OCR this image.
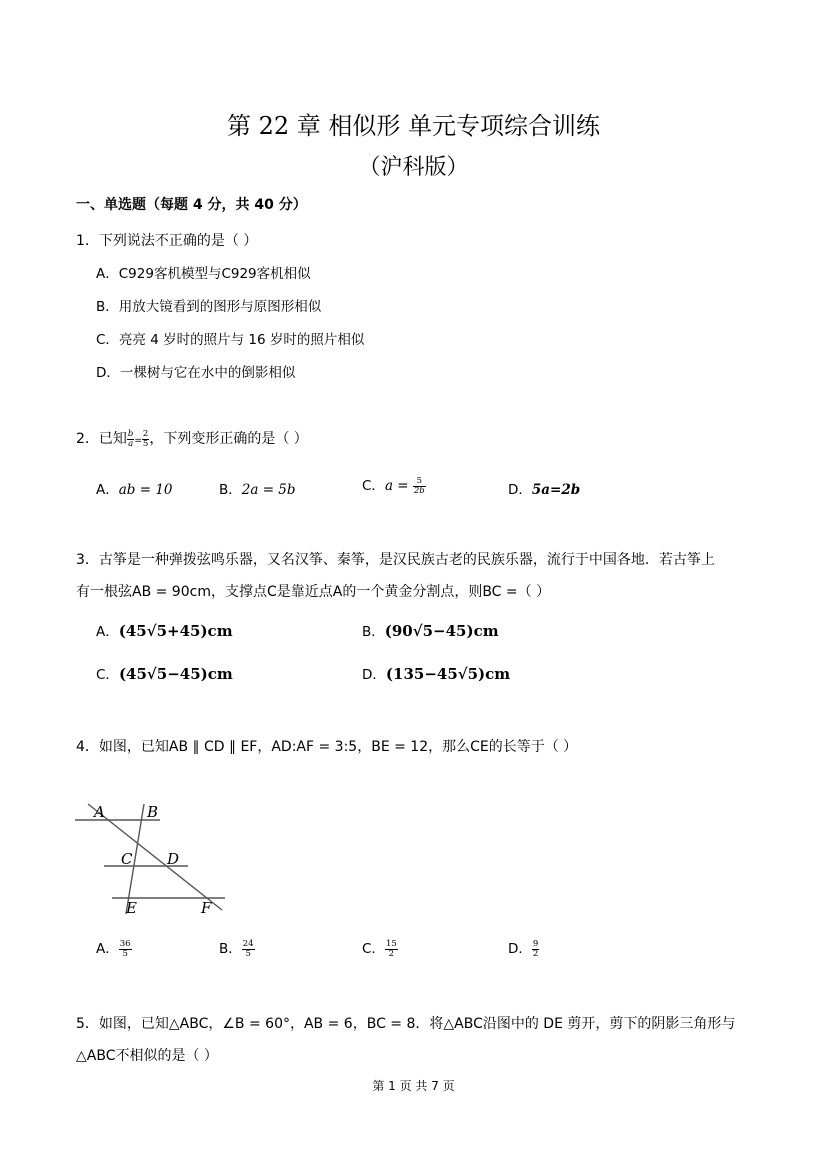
第 22 章 相似形 单元专项综合训练
（沪科版）
一、单选题（每题 4 分，共 40 分）
1．下列说法不正确的是（ ）
A．C929客机模型与C929客机相似
B．用放大镜看到的图形与原图形相似
C．亮亮 4 岁时的照片与 16 岁时的照片相似
D．一棵树与它在水中的倒影相似
2．已知 $\frac{b}{a} = \frac{2}{5}$ ，下列变形正确的是（ ）
A．ab = 10	B．2a = 5b	C．$a = \frac{5}{2b}$	D．5a=2b
3．古筝是一种弹拨弦鸣乐器，又名汉筝、秦筝，是汉民族古老的民族乐器，流行于中国各地．若古筝上
有一根弦AB = 90cm，支撑点C是靠近点A的一个黄金分割点，则BC =（ ）
A．(45√5+45)cm	B．(90√5−45)cm
C．(45√5−45)cm	D．(135−45√5)cm
4．如图，已知AB ∥ CD ∥ EF，AD:AF = 3:5，BE = 12，那么CE的长等于（ ）
A	B
C D
E	F
A． $\frac{36}{5}$	B． $\frac{24}{5}$	C． $\frac{15}{2}$	D． $\frac{9}{2}$
5．如图，已知△ABC，∠B = 60°，AB = 6，BC = 8．将△ABC沿图中的 DE 剪开，剪下的阴影三角形与
△ABC不相似的是（ ）
第 1 页 共 7 页
